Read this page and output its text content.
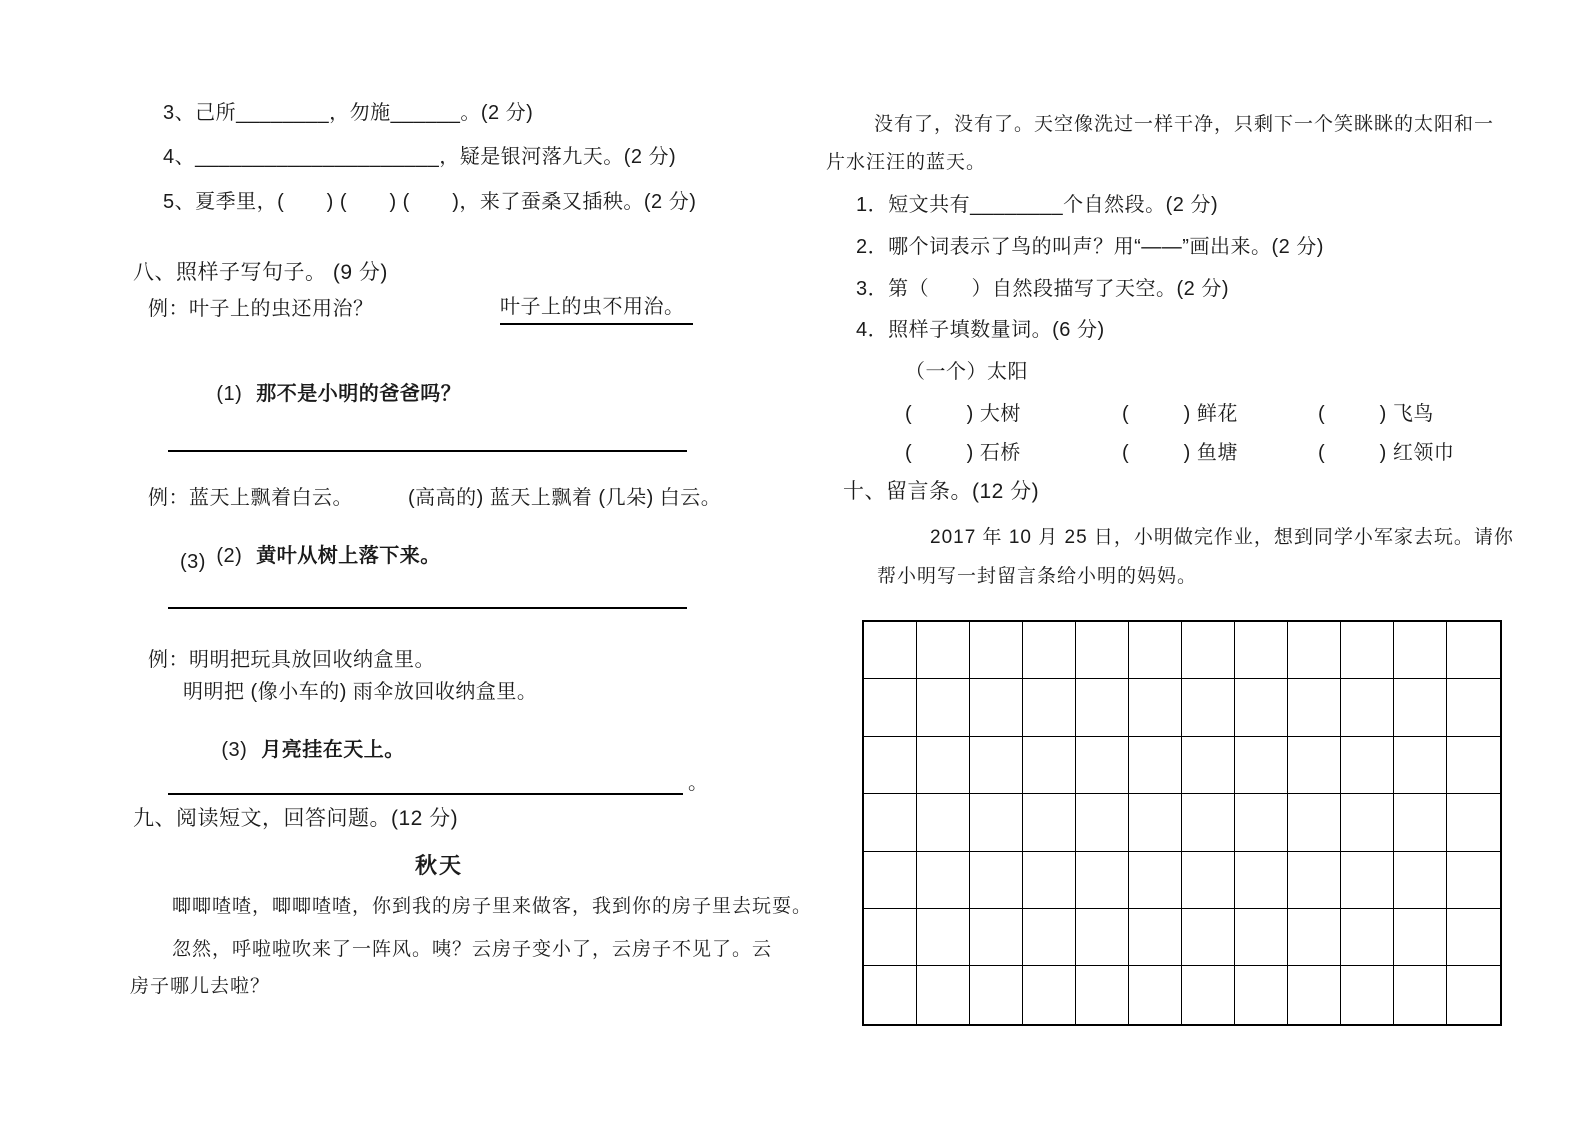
3、己所________，勿施______。(2 分)
4、_____________________，疑是银河落九天。(2 分)
5、夏季里，(       ) (       ) (       )，来了蚕桑又插秧。(2 分)
八、照样子写句子。 (9 分)
例：叶子上的虫还用治？	叶子上的虫不用治。

(1) 那不是小明的爸爸吗？

例：蓝天上飘着白云。	(高高的) 蓝天上飘着 (几朵) 白云。

(2) 黄叶从树上落下来。

(3)
例：明明把玩具放回收纳盒里。
明明把 (像小车的) 雨伞放回收纳盒里。

(3) 月亮挂在天上。

。
九、阅读短文，回答问题。(12 分)
秋天
唧唧喳喳，唧唧喳喳，你到我的房子里来做客，我到你的房子里去玩耍。
忽然，呼啦啦吹来了一阵风。咦？云房子变小了，云房子不见了。云
房子哪儿去啦？
没有了，没有了。天空像洗过一样干净，只剩下一个笑眯眯的太阳和一
片水汪汪的蓝天。
1．短文共有________个自然段。(2 分)
2．哪个词表示了鸟的叫声？用“——”画出来。(2 分)
3．第（       ）自然段描写了天空。(2 分)
4．照样子填数量词。(6 分)
（一个）太阳
(         ) 大树	(         ) 鲜花	(         ) 飞鸟
(         ) 石桥	(         ) 鱼塘	(         ) 红领巾
十、留言条。(12 分)
2017 年 10 月 25 日，小明做完作业，想到同学小军家去玩。请你
帮小明写一封留言条给小明的妈妈。
